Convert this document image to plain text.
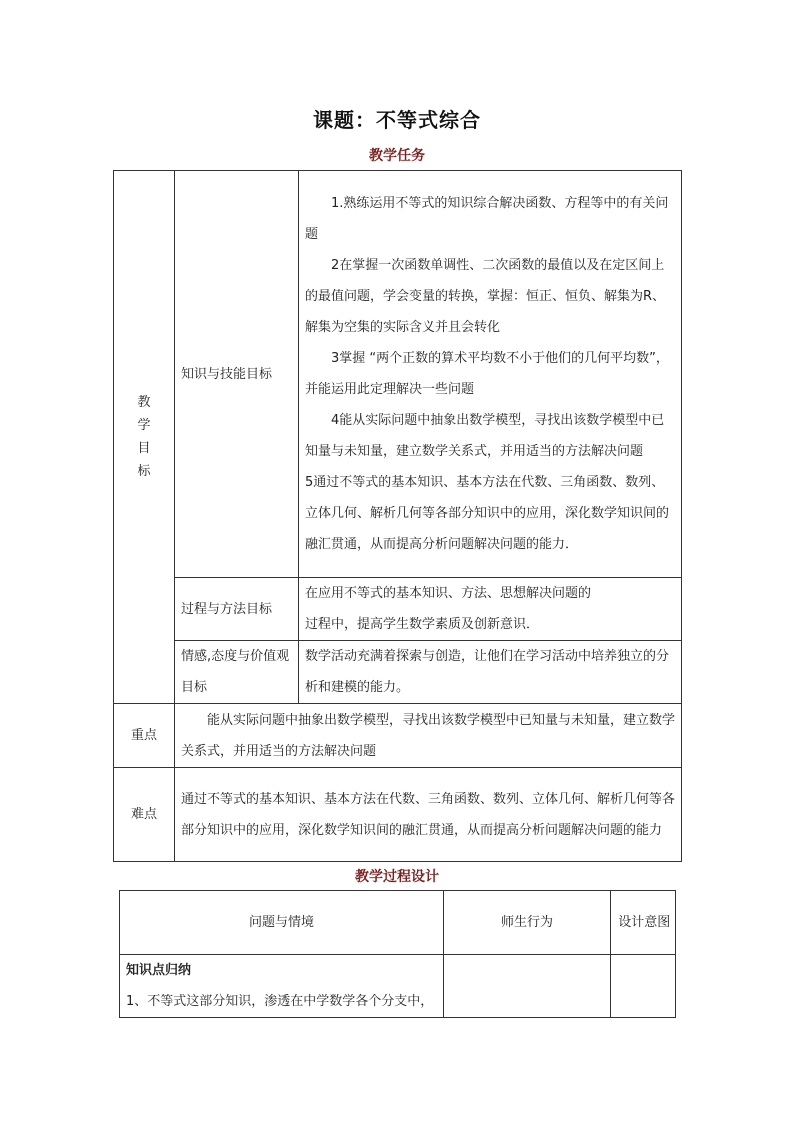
课题：不等式综合
教学任务
教学目标	知识与技能目标	1.熟练运用不等式的知识综合解决函数、方程等中的有关问题

2在掌握一次函数单调性、二次函数的最值以及在定区间上的最值问题，学会变量的转换，掌握：恒正、恒负、解集为R、解集为空集的实际含义并且会转化

3掌握 “两个正数的算术平均数不小于他们的几何平均数”，并能运用此定理解决一些问题

4能从实际问题中抽象出数学模型，寻找出该数学模型中已知量与未知量，建立数学关系式，并用适当的方法解决问题

5通过不等式的基本知识、基本方法在代数、三角函数、数列、立体几何、解析几何等各部分知识中的应用，深化数学知识间的融汇贯通，从而提高分析问题解决问题的能力．

	过程与方法目标	在应用不等式的基本知识、方法、思想解决问题的

过程中，提高学生数学素质及创新意识．

	情感,态度与价值观目标	数学活动充满着探索与创造，让他们在学习活动中培养独立的分析和建模的能力。

重点	能从实际问题中抽象出数学模型，寻找出该数学模型中已知量与未知量，建立数学关系式，并用适当的方法解决问题	

难点	通过不等式的基本知识、基本方法在代数、三角函数、数列、立体几何、解析几何等各部分知识中的应用，深化数学知识间的融汇贯通，从而提高分析问题解决问题的能力	

教学过程设计
问题与情境	师生行为	设计意图

知识点归纳

1、不等式这部分知识，渗透在中学数学各个分支中，		
